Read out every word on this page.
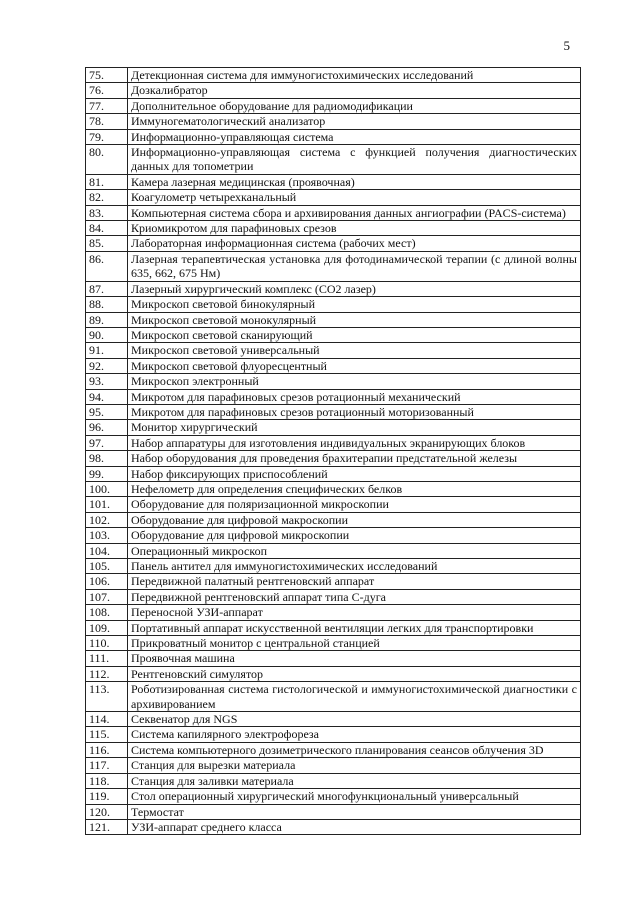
5
75.	Детекционная система для иммуногистохимических исследований
76.	Дозкалибратор
77.	Дополнительное оборудование для радиомодификации
78.	Иммуногематологический анализатор
79.	Информационно-управляющая система
80.	Информационно-управляющая система с функцией получения диагностических данных для топометрии
81.	Камера лазерная медицинская (проявочная)
82.	Коагулометр четырехканальный
83.	Компьютерная система сбора и архивирования данных ангиографии (PACS-система)
84.	Криомикротом для парафиновых срезов
85.	Лабораторная информационная система (рабочих мест)
86.	Лазерная терапевтическая установка для фотодинамической терапии (с длиной волны 635, 662, 675 Нм)
87.	Лазерный хирургический комплекс (CO2 лазер)
88.	Микроскоп световой бинокулярный
89.	Микроскоп световой монокулярный
90.	Микроскоп световой сканирующий
91.	Микроскоп световой универсальный
92.	Микроскоп световой флуоресцентный
93.	Микроскоп электронный
94.	Микротом для парафиновых срезов ротационный механический
95.	Микротом для парафиновых срезов ротационный моторизованный
96.	Монитор хирургический
97.	Набор аппаратуры для изготовления индивидуальных экранирующих блоков
98.	Набор оборудования для проведения брахитерапии предстательной железы
99.	Набор фиксирующих приспособлений
100.	Нефелометр для определения специфических белков
101.	Оборудование для поляризационной микроскопии
102.	Оборудование для цифровой макроскопии
103.	Оборудование для цифровой микроскопии
104.	Операционный микроскоп
105.	Панель антител для иммуногистохимических исследований
106.	Передвижной палатный рентгеновский аппарат
107.	Передвижной рентгеновский аппарат типа С-дуга
108.	Переносной УЗИ-аппарат
109.	Портативный аппарат искусственной вентиляции легких для транспортировки
110.	Прикроватный монитор с центральной станцией
111.	Проявочная машина
112.	Рентгеновский симулятор
113.	Роботизированная система гистологической и иммуногистохимической диагностики с архивированием
114.	Секвенатор для NGS
115.	Система капилярного электрофореза
116.	Система компьютерного дозиметрического планирования сеансов облучения 3D
117.	Станция для вырезки материала
118.	Станция для заливки материала
119.	Стол операционный хирургический многофункциональный универсальный
120.	Термостат
121.	УЗИ-аппарат среднего класса
